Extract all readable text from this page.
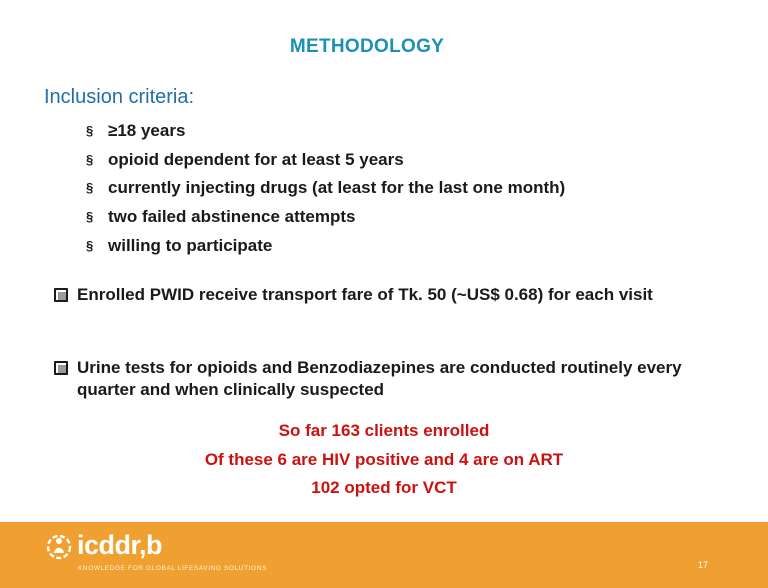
METHODOLOGY
Inclusion criteria:
§ ≥18 years
§ opioid dependent for at least 5 years
§ currently injecting drugs (at least for the last one month)
§ two failed abstinence attempts
§ willing to participate
Enrolled PWID receive transport fare of Tk. 50 (~US$ 0.68) for each visit
Urine tests for opioids and Benzodiazepines are conducted routinely every quarter and when clinically suspected
So far 163 clients enrolled
Of these 6 are HIV positive and 4 are on ART
102 opted for VCT
icddr,b
KNOWLEDGE FOR GLOBAL LIFESAVING SOLUTIONS	17
